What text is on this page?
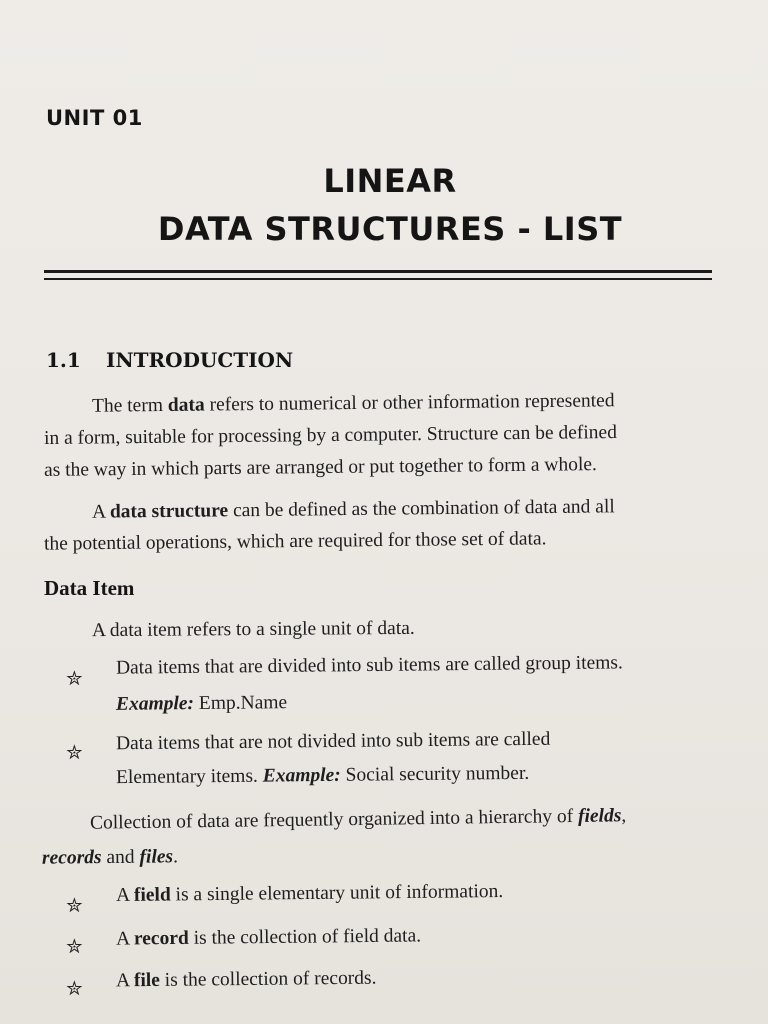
UNIT 01
LINEAR
DATA STRUCTURES - LIST
1.1 INTRODUCTION
The term data refers to numerical or other information represented
in a form, suitable for processing by a computer. Structure can be defined
as the way in which parts are arranged or put together to form a whole.
A data structure can be defined as the combination of data and all
the potential operations, which are required for those set of data.
Data Item
A data item refers to a single unit of data.
✮ Data items that are divided into sub items are called group items.
Example: Emp.Name
✮ Data items that are not divided into sub items are called
Elementary items. Example: Social security number.
Collection of data are frequently organized into a hierarchy of fields,
records and files.
✮ A field is a single elementary unit of information.
✮ A record is the collection of field data.
✮ A file is the collection of records.
